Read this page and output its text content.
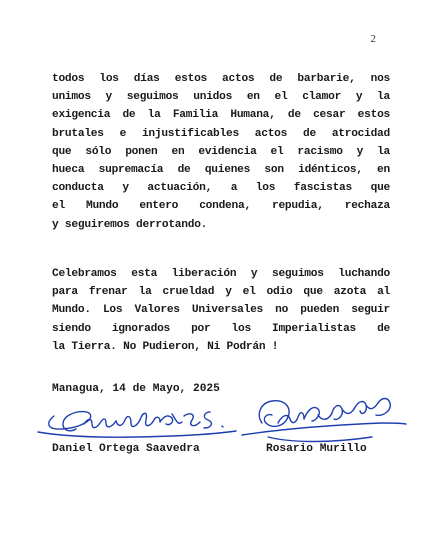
2
todos los días estos actos de barbarie, nos
unimos y seguimos unidos en el clamor y la
exigencia de la Familia Humana, de cesar estos
brutales e injustificables actos de atrocidad
que sólo ponen en evidencia el racismo y la
hueca supremacía de quienes son idénticos, en
conducta y actuación, a los fascistas que
el Mundo entero condena, repudia, rechaza
y seguiremos derrotando.
Celebramos esta liberación y seguimos luchando
para frenar la crueldad y el odio que azota al
Mundo. Los Valores Universales no pueden seguir
siendo ignorados por los Imperialistas de
la Tierra. No Pudieron, Ni Podrán !
Managua, 14 de Mayo, 2025
Daniel Ortega Saavedra	Rosario Murillo
